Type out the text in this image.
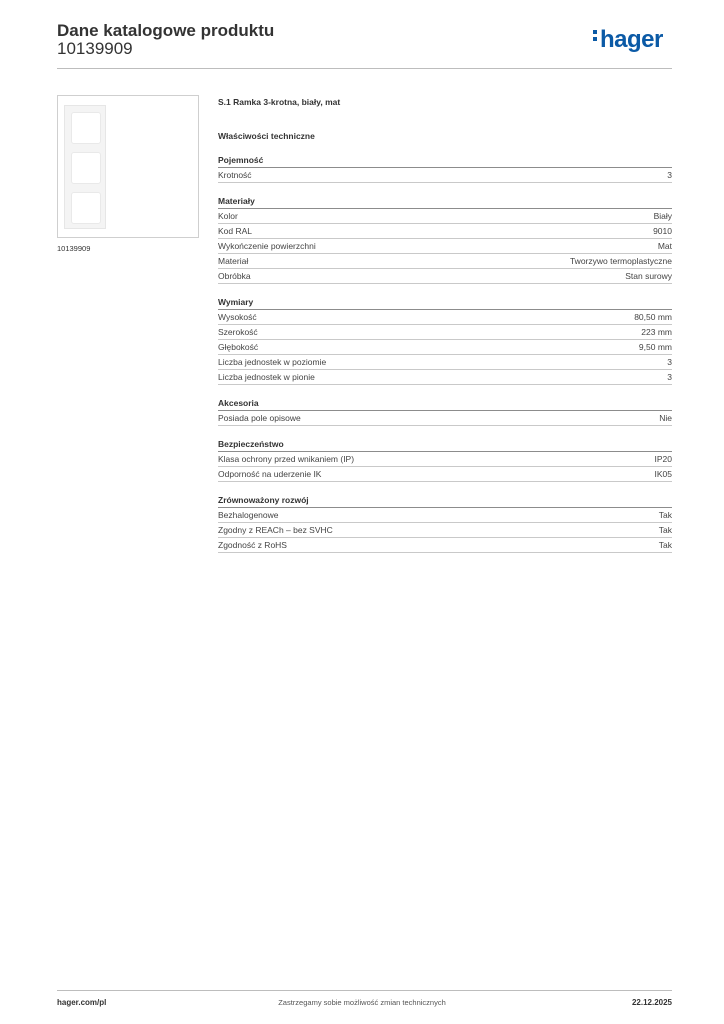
Dane katalogowe produktu
10139909	hager
10139909
S.1 Ramka 3-krotna, biały, mat
Właściwości techniczne
Pojemność
Krotność	3
Materiały
Kolor	Biały
Kod RAL	9010
Wykończenie powierzchni	Mat
Materiał	Tworzywo termoplastyczne
Obróbka	Stan surowy
Wymiary
Wysokość	80,50 mm
Szerokość	223 mm
Głębokość	9,50 mm
Liczba jednostek w poziomie	3
Liczba jednostek w pionie	3
Akcesoria
Posiada pole opisowe	Nie
Bezpieczeństwo
Klasa ochrony przed wnikaniem (IP)	IP20
Odporność na uderzenie IK	IK05
Zrównoważony rozwój
Bezhalogenowe	Tak
Zgodny z REACh – bez SVHC	Tak
Zgodność z RoHS	Tak
hager.com/pl	Zastrzegamy sobie możliwość zmian technicznych	22.12.2025
